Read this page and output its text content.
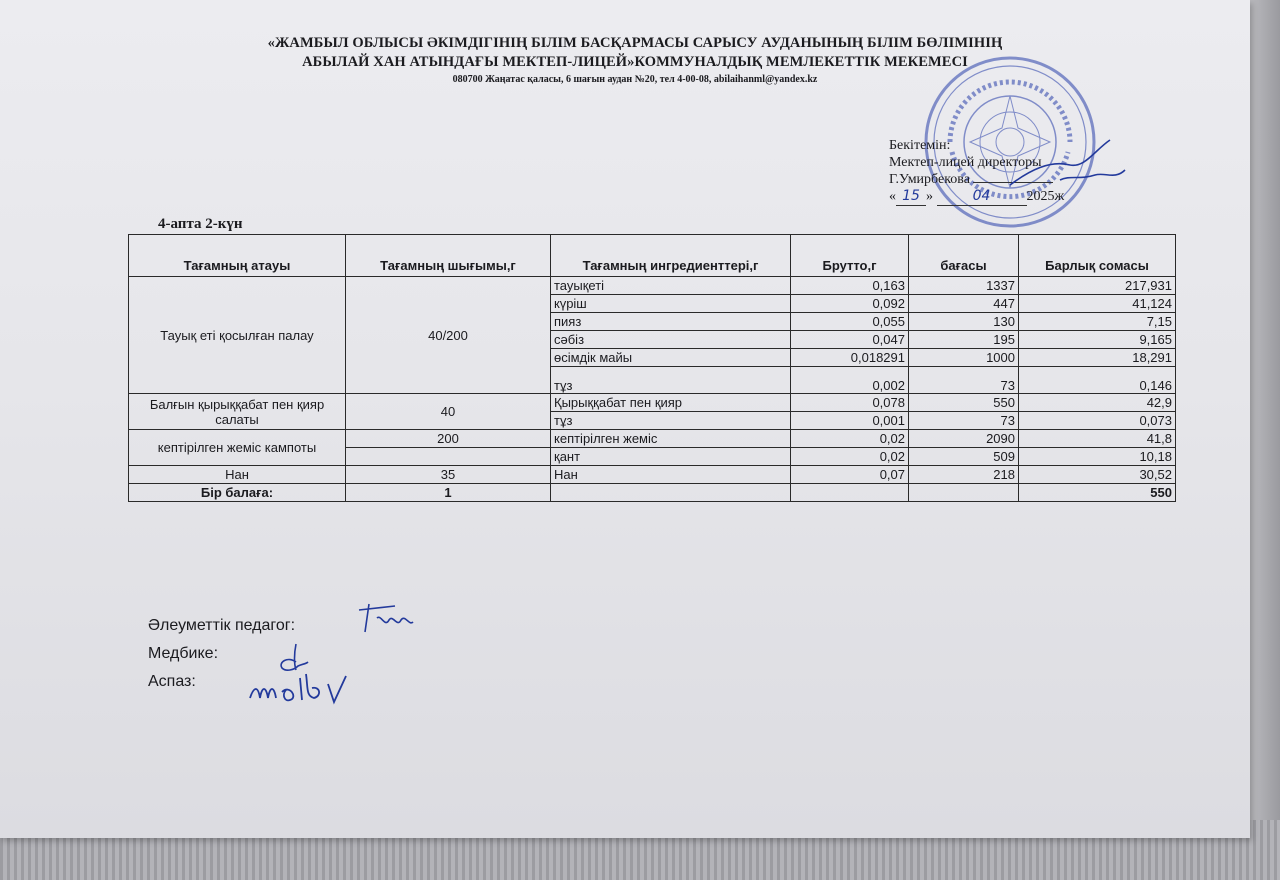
«ЖАМБЫЛ ОБЛЫСЫ ӘКІМДІГІНІҢ БІЛІМ БАСҚАРМАСЫ САРЫСУ АУДАНЫНЫҢ БІЛІМ БӨЛІМІНІҢ
АБЫЛАЙ ХАН АТЫНДАҒЫ МЕКТЕП-ЛИЦЕЙ»КОММУНАЛДЫҚ МЕМЛЕКЕТТІК МЕКЕМЕСІ
080700 Жаңатас қаласы, 6 шағын аудан №20, тел 4-00-08, abilaihanml@yandex.kz
Бекітемін:
Мектеп-лицей директоры
Г.Умирбекова
« 15 »	04	2025ж
4-апта 2-күн
Тағамның атауы	Тағамның шығымы,г	Тағамның ингредиенттері,г	Брутто,г	бағасы	Барлық сомасы
Тауық еті қосылған палау	40/200	тауықеті	0,163	1337	217,931
		күріш	0,092	447	41,124
		пияз	0,055	130	7,15
		сәбіз	0,047	195	9,165
		өсімдік майы	0,018291	1000	18,291
		тұз	0,002	73	0,146
Балғын қырыққабат пен қияр салаты	40	Қырыққабат пен қияр	0,078	550	42,9
		тұз	0,001	73	0,073
кептірілген жеміс кампоты	200	кептірілген жеміс	0,02	2090	41,8
		қант	0,02	509	10,18
Нан	35	Нан	0,07	218	30,52
Бір балаға:	1				550
Әлеуметтік педагог:
Медбике:
Аспаз:
